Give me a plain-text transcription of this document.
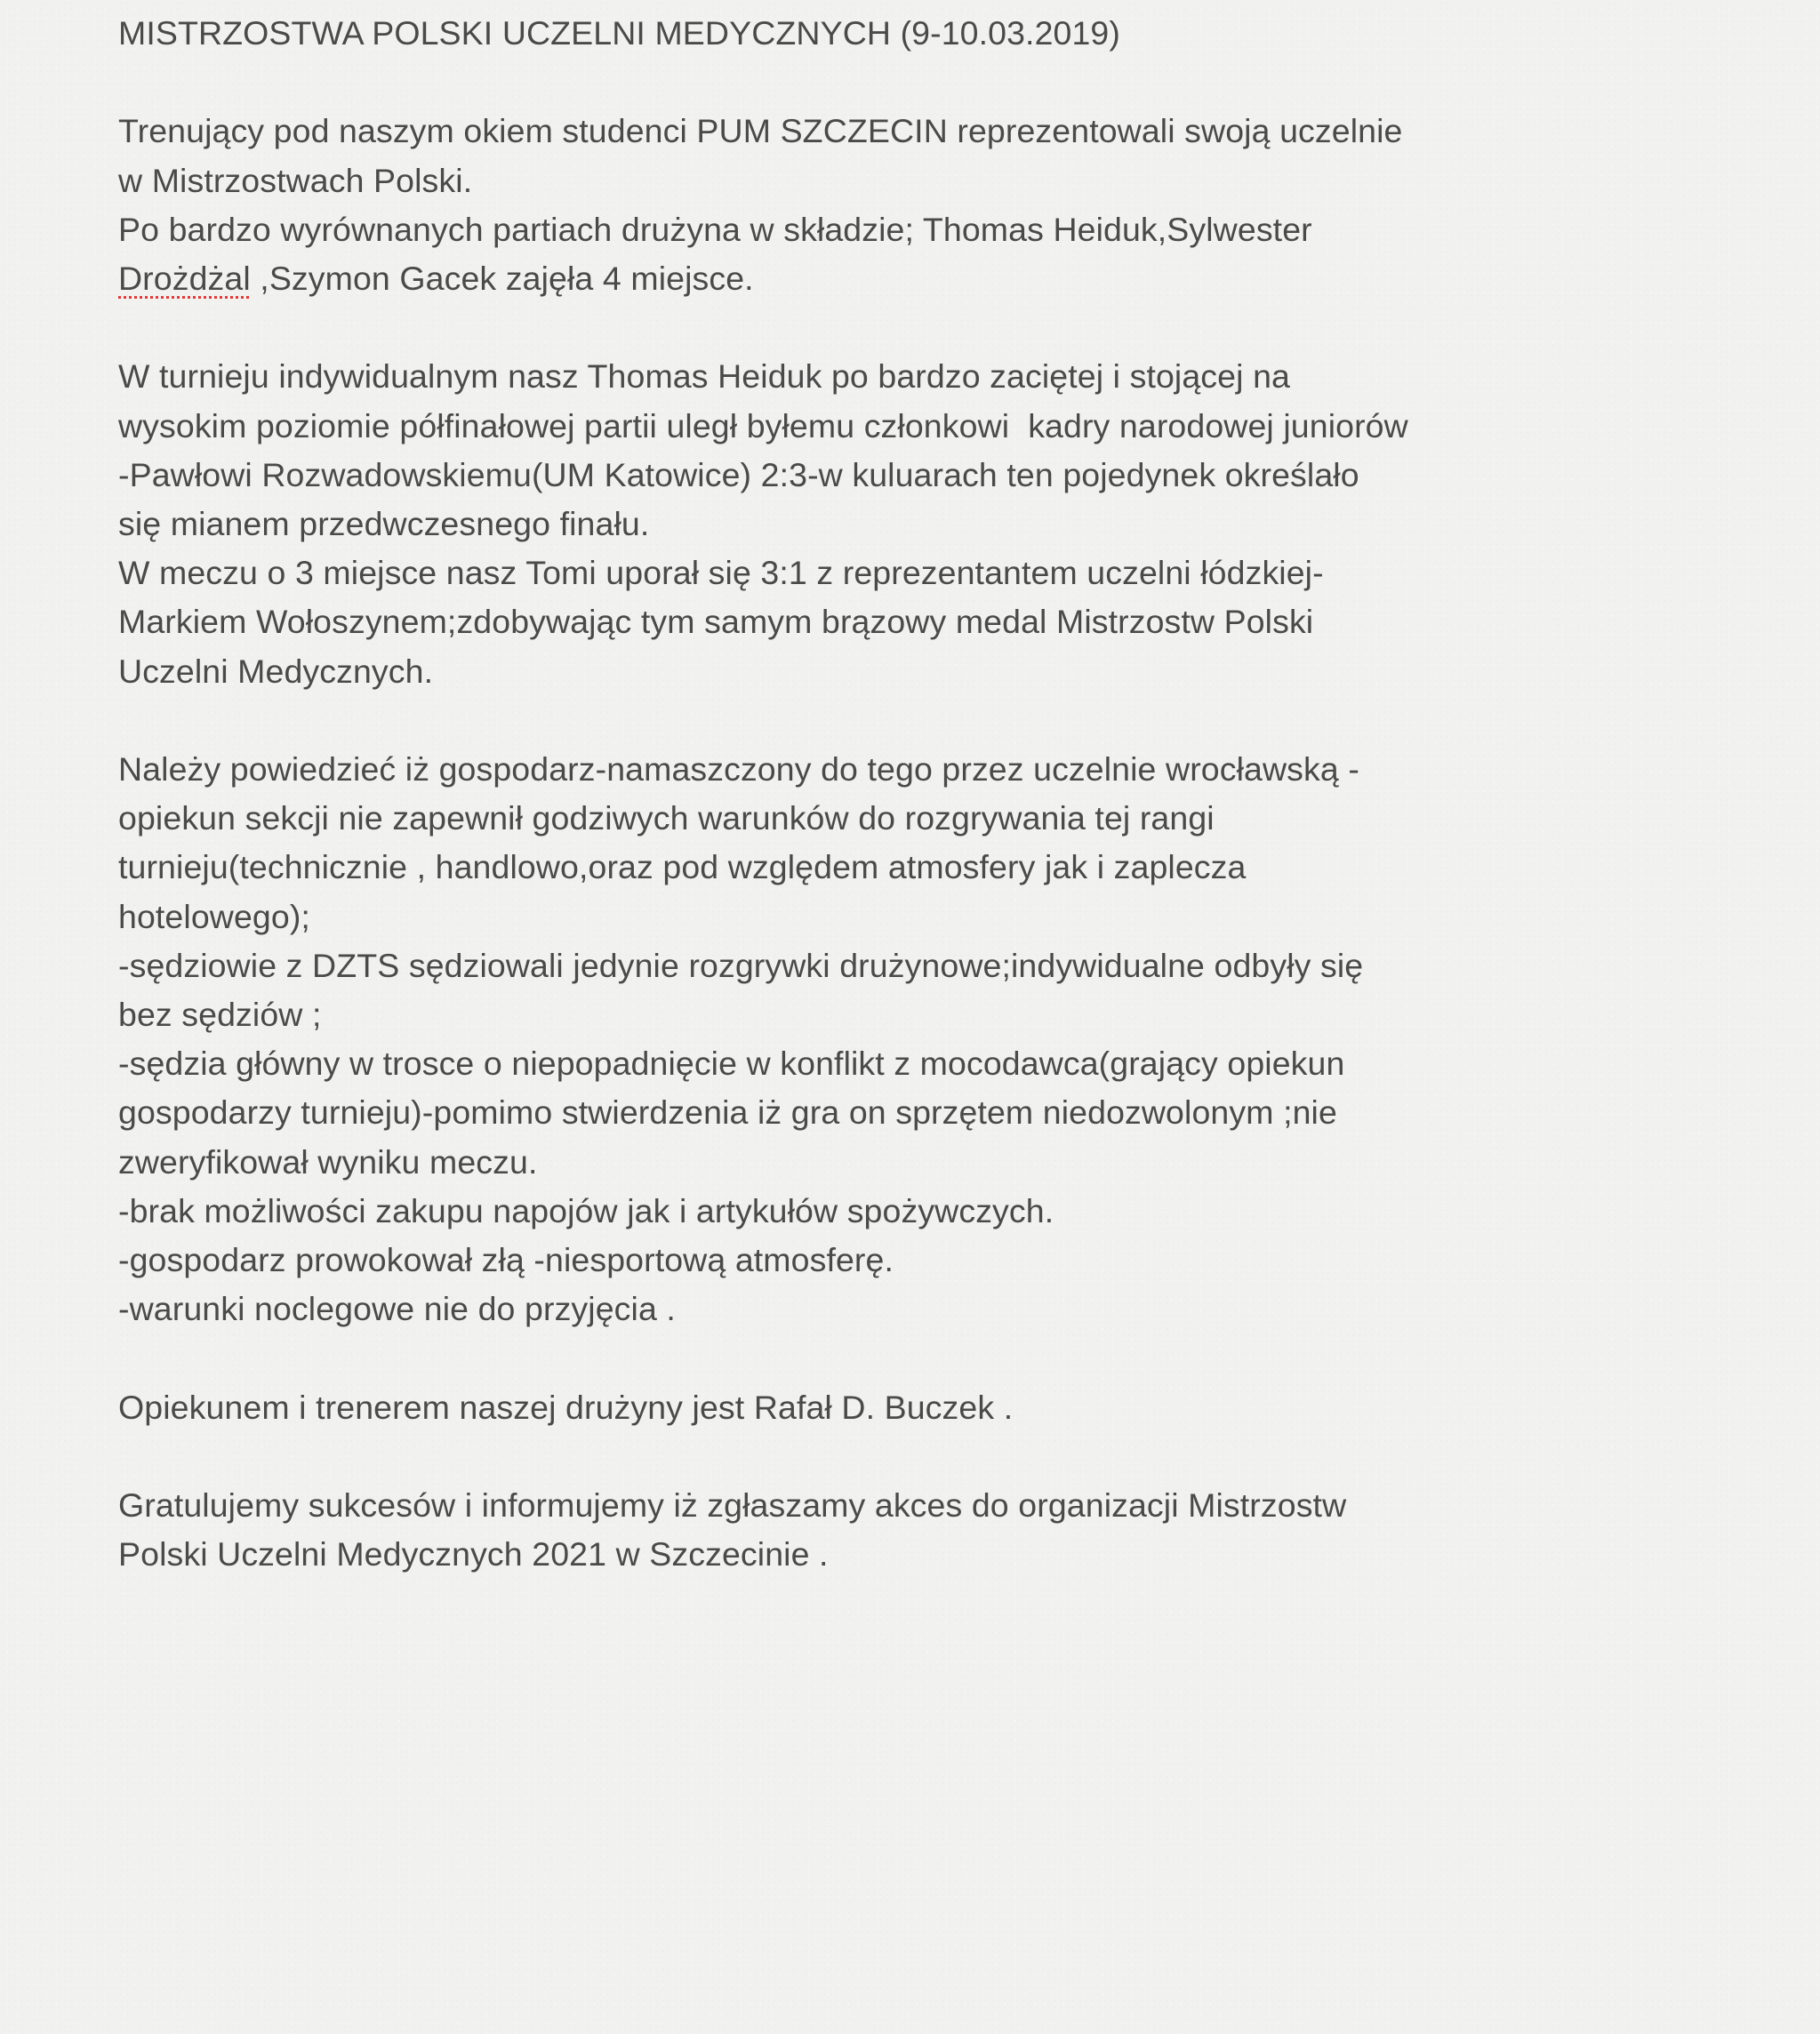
MISTRZOSTWA POLSKI UCZELNI MEDYCZNYCH (9-10.03.2019)
Trenujący pod naszym okiem studenci PUM SZCZECIN reprezentowali swoją uczelnie
w Mistrzostwach Polski.
Po bardzo wyrównanych partiach drużyna w składzie; Thomas Heiduk,Sylwester
Drożdżal ,Szymon Gacek zajęła 4 miejsce.
W turnieju indywidualnym nasz Thomas Heiduk po bardzo zaciętej i stojącej na
wysokim poziomie półfinałowej partii uległ byłemu członkowi  kadry narodowej juniorów
-Pawłowi Rozwadowskiemu(UM Katowice) 2:3-w kuluarach ten pojedynek określało
się mianem przedwczesnego finału.
W meczu o 3 miejsce nasz Tomi uporał się 3:1 z reprezentantem uczelni łódzkiej-
Markiem Wołoszynem;zdobywając tym samym brązowy medal Mistrzostw Polski
Uczelni Medycznych.
Należy powiedzieć iż gospodarz-namaszczony do tego przez uczelnie wrocławską -
opiekun sekcji nie zapewnił godziwych warunków do rozgrywania tej rangi
turnieju(technicznie , handlowo,oraz pod względem atmosfery jak i zaplecza
hotelowego);
-sędziowie z DZTS sędziowali jedynie rozgrywki drużynowe;indywidualne odbyły się
bez sędziów ;
-sędzia główny w trosce o niepopadnięcie w konflikt z mocodawca(grający opiekun
gospodarzy turnieju)-pomimo stwierdzenia iż gra on sprzętem niedozwolonym ;nie
zweryfikował wyniku meczu.
-brak możliwości zakupu napojów jak i artykułów spożywczych.
-gospodarz prowokował złą -niesportową atmosferę.
-warunki noclegowe nie do przyjęcia .
Opiekunem i trenerem naszej drużyny jest Rafał D. Buczek .
Gratulujemy sukcesów i informujemy iż zgłaszamy akces do organizacji Mistrzostw
Polski Uczelni Medycznych 2021 w Szczecinie .
